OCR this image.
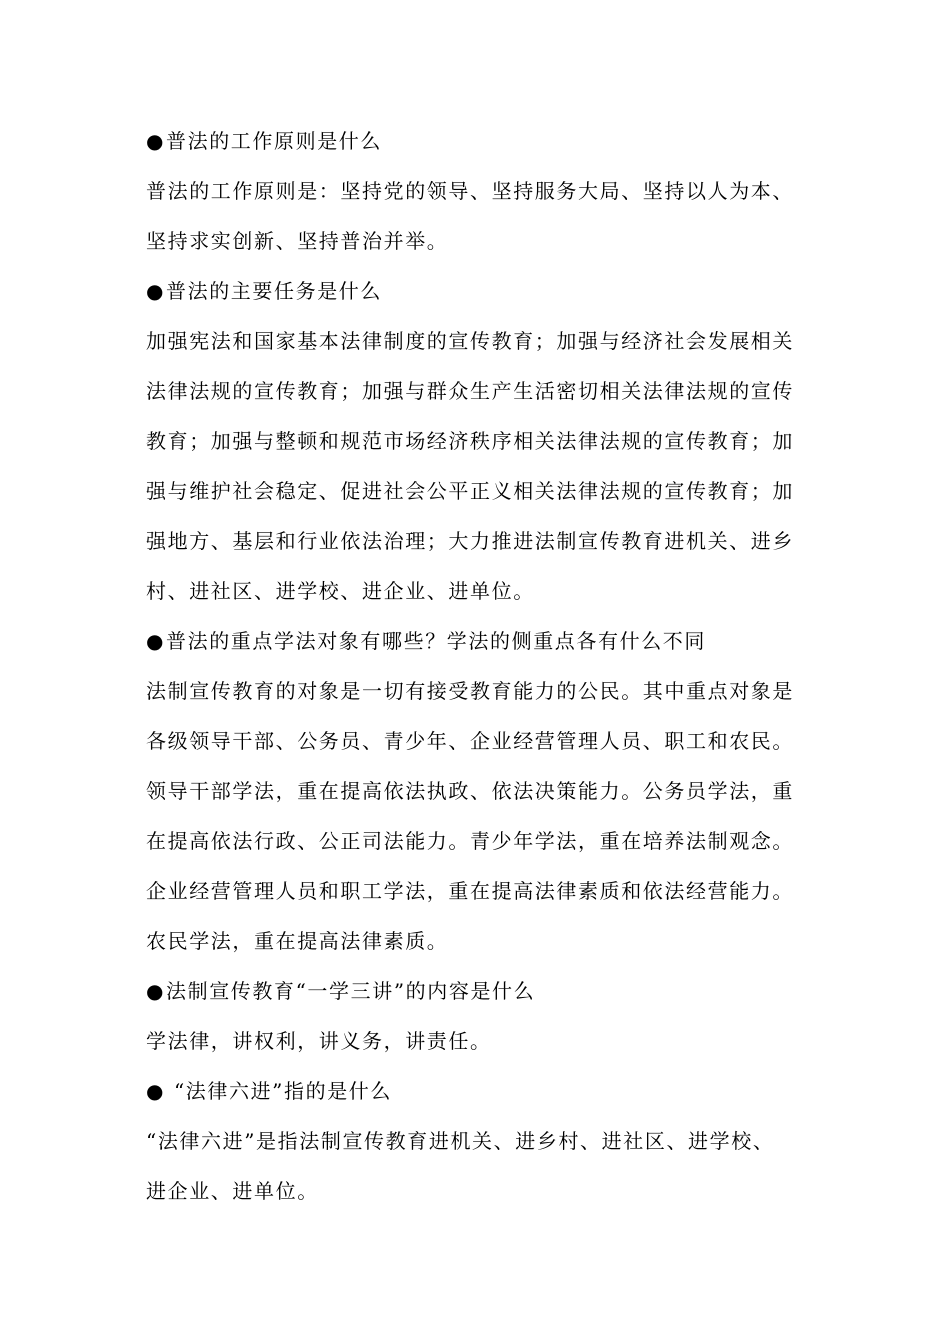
●普法的工作原则是什么
普法的工作原则是：坚持党的领导、坚持服务大局、坚持以人为本、
坚持求实创新、坚持普治并举。
●普法的主要任务是什么
加强宪法和国家基本法律制度的宣传教育；加强与经济社会发展相关
法律法规的宣传教育；加强与群众生产生活密切相关法律法规的宣传
教育；加强与整顿和规范市场经济秩序相关法律法规的宣传教育；加
强与维护社会稳定、促进社会公平正义相关法律法规的宣传教育；加
强地方、基层和行业依法治理；大力推进法制宣传教育进机关、进乡
村、进社区、进学校、进企业、进单位。
●普法的重点学法对象有哪些？学法的侧重点各有什么不同
法制宣传教育的对象是一切有接受教育能力的公民。其中重点对象是
各级领导干部、公务员、青少年、企业经营管理人员、职工和农民。
领导干部学法，重在提高依法执政、依法决策能力。公务员学法，重
在提高依法行政、公正司法能力。青少年学法，重在培养法制观念。
企业经营管理人员和职工学法，重在提高法律素质和依法经营能力。
农民学法，重在提高法律素质。
●法制宣传教育“一学三讲”的内容是什么
学法律，讲权利，讲义务，讲责任。
● “法律六进”指的是什么
“法律六进”是指法制宣传教育进机关、进乡村、进社区、进学校、
进企业、进单位。
